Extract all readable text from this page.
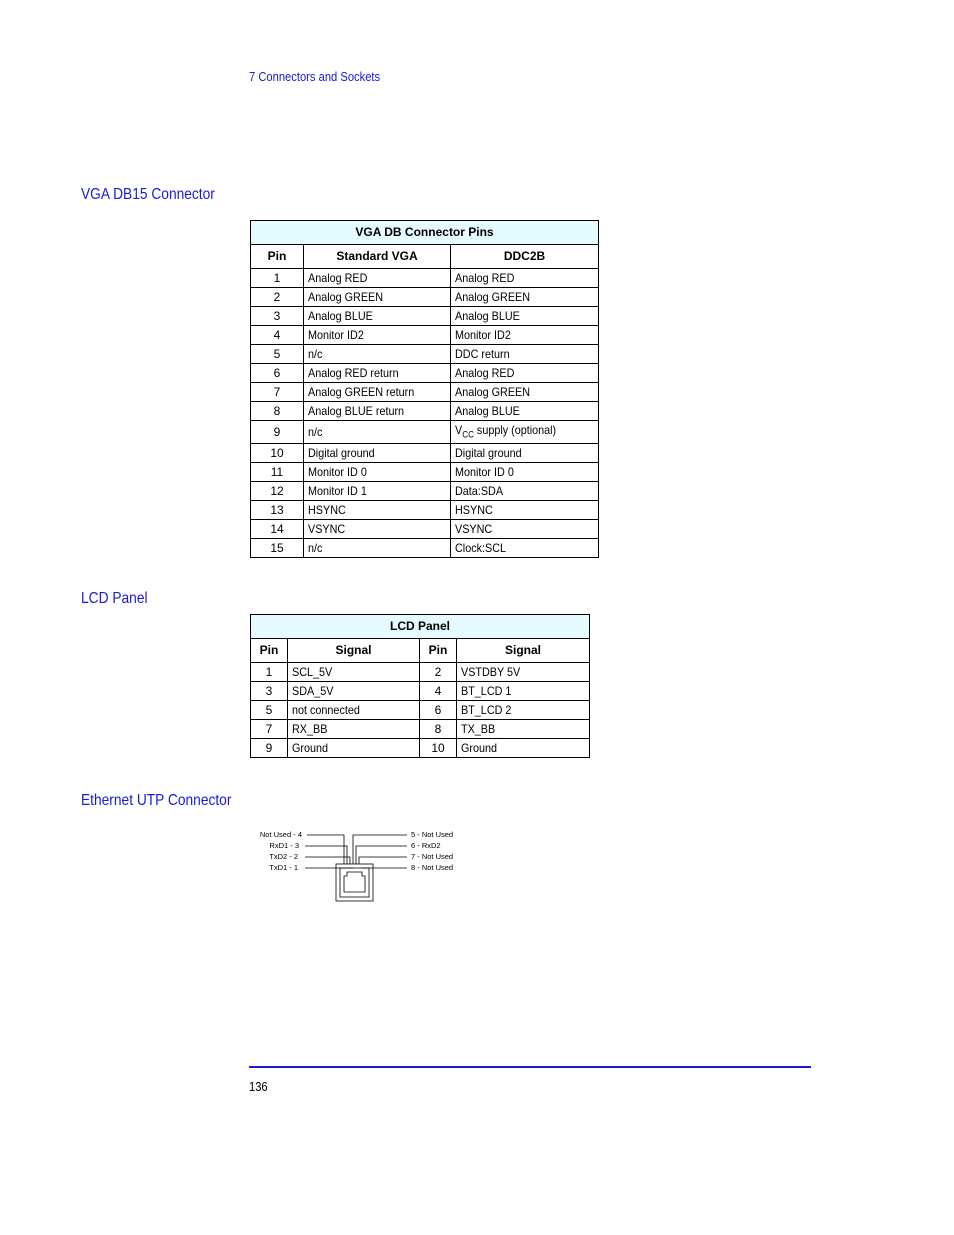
7 Connectors and Sockets
VGA DB15 Connector
VGA DB Connector Pins		
Pin	Standard VGA	DDC2B
1	Analog RED	Analog RED
2	Analog GREEN	Analog GREEN
3	Analog BLUE	Analog BLUE
4	Monitor ID2	Monitor ID2
5	n/c	DDC return
6	Analog RED return	Analog RED
7	Analog GREEN return	Analog GREEN
8	Analog BLUE return	Analog BLUE
9	n/c	$V_{CC}$ supply (optional)
10	Digital ground	Digital ground
11	Monitor ID 0	Monitor ID 0
12	Monitor ID 1	Data:SDA
13	HSYNC	HSYNC
14	VSYNC	VSYNC
15	n/c	Clock:SCL
LCD Panel
LCD Panel			
Pin	Signal	Pin	Signal
1	SCL_5V	2	VSTDBY 5V
3	SDA_5V	4	BT_LCD 1
5	not connected	6	BT_LCD 2
7	RX_BB	8	TX_BB
9	Ground	10	Ground
Ethernet UTP Connector
Not Used - 4
RxD1 - 3
TxD2 - 2
TxD1 - 1
5 - Not Used
6 - RxD2
7 - Not Used
8 - Not Used
136
